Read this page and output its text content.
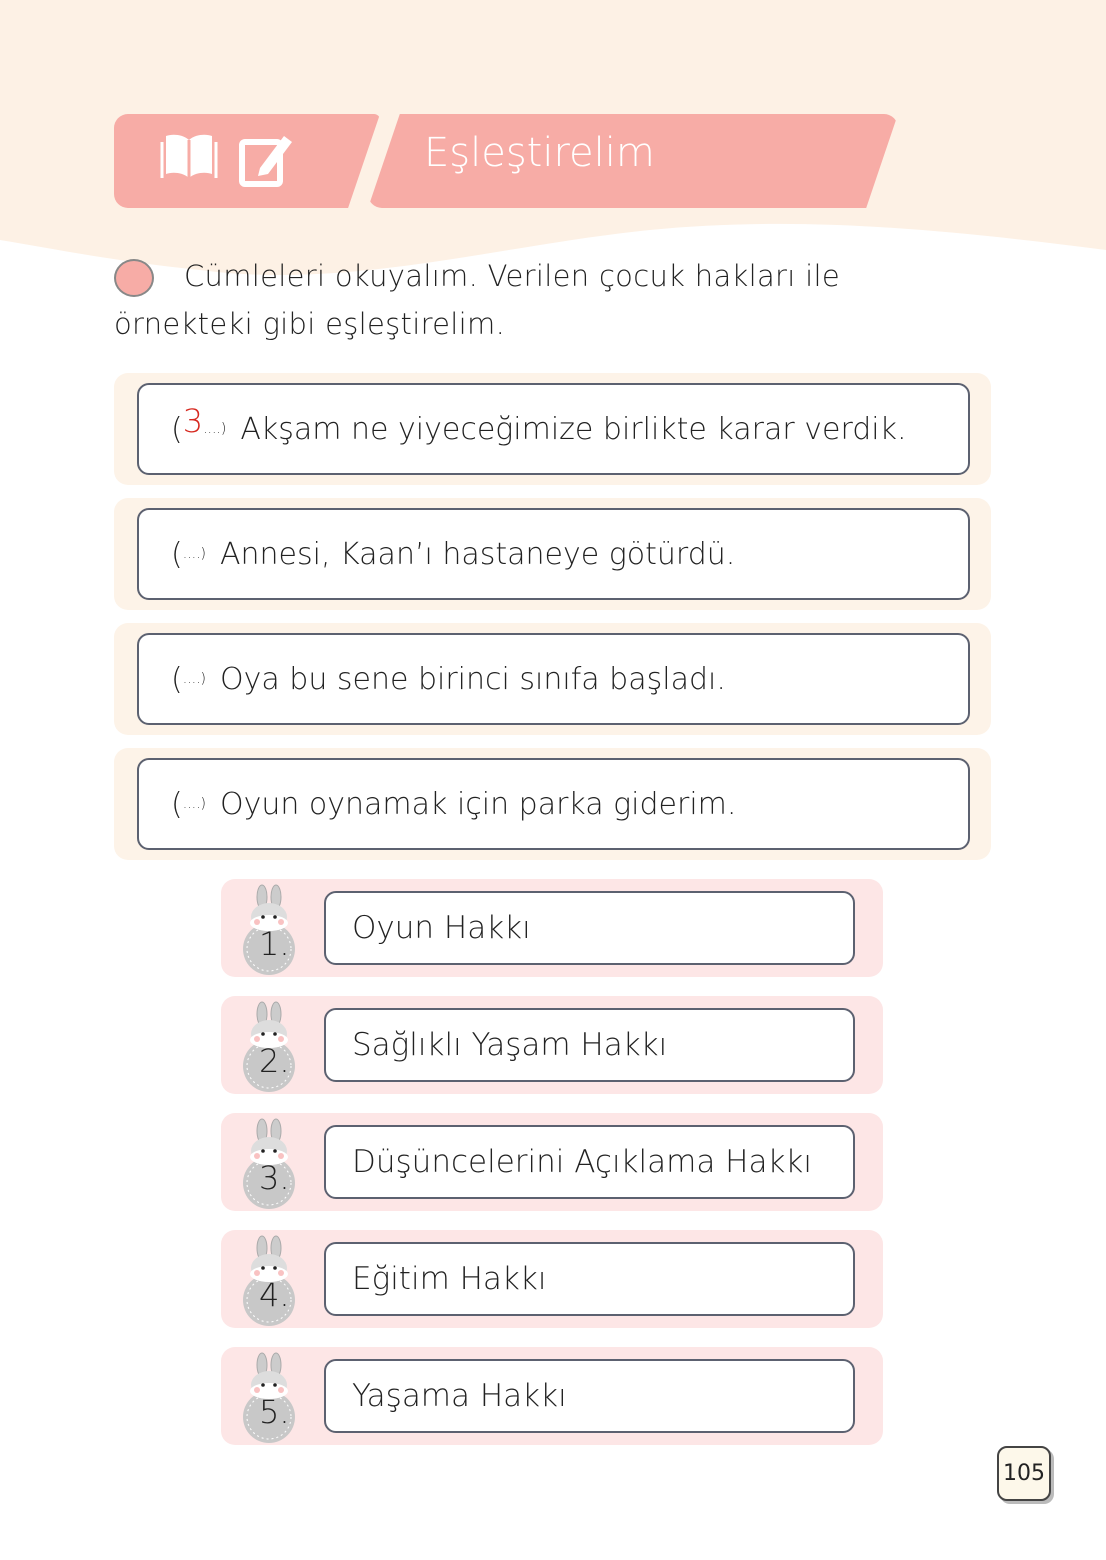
Eşleştirelim
Cümleleri okuyalım. Verilen çocuk hakları ile örnekteki gibi eşleştirelim.
( 3 ....) Akşam ne yiyeceğimize birlikte karar verdik.
( ....) Annesi, Kaan’ı hastaneye götürdü.
( ....) Oya bu sene birinci sınıfa başladı.
( ....) Oyun oynamak için parka giderim.
1. Oyun Hakkı
2. Sağlıklı Yaşam Hakkı
3. Düşüncelerini Açıklama Hakkı
4. Eğitim Hakkı
5. Yaşama Hakkı
105
